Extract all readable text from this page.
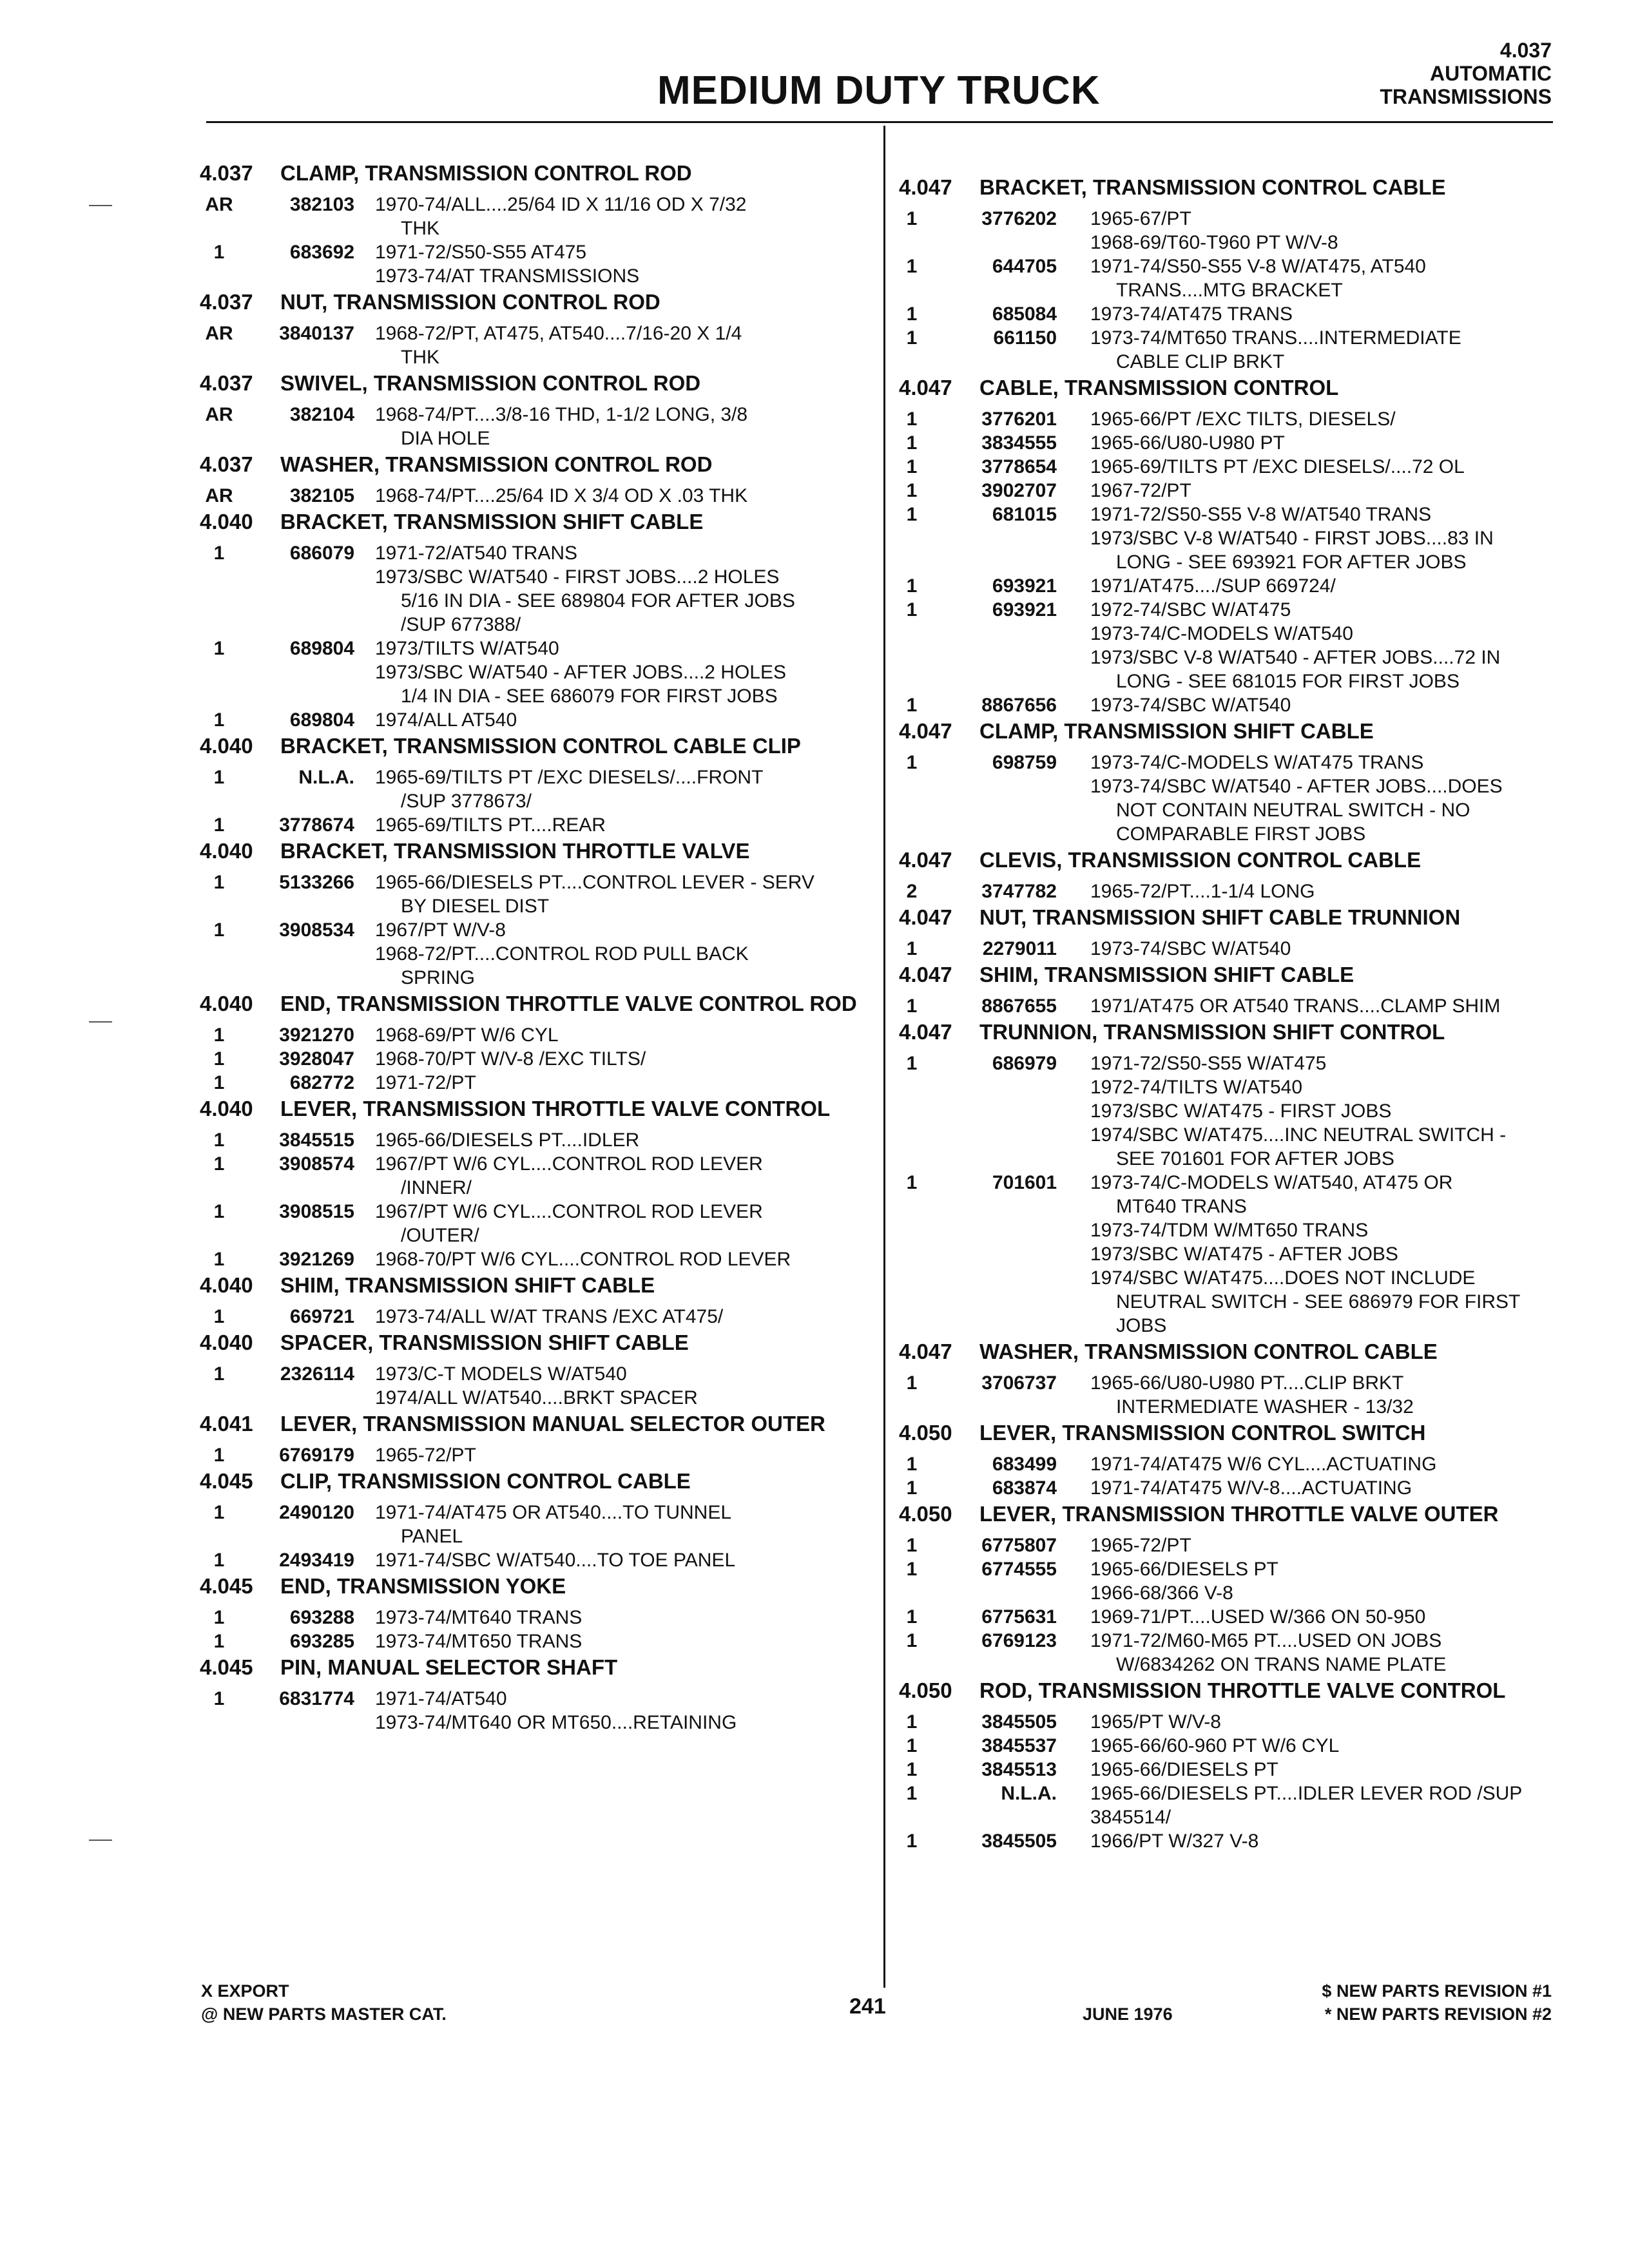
MEDIUM DUTY TRUCK
4.037
AUTOMATIC
TRANSMISSIONS
4.037	CLAMP, TRANSMISSION CONTROL ROD
AR	382103	1970-74/ALL....25/64 ID X 11/16 OD X 7/32
THK
1	683692	1971-72/S50-S55 AT475
1973-74/AT TRANSMISSIONS
4.037	NUT, TRANSMISSION CONTROL ROD
AR	3840137	1968-72/PT, AT475, AT540....7/16-20 X 1/4
THK
4.037	SWIVEL, TRANSMISSION CONTROL ROD
AR	382104	1968-74/PT....3/8-16 THD, 1-1/2 LONG, 3/8
DIA HOLE
4.037	WASHER, TRANSMISSION CONTROL ROD
AR	382105	1968-74/PT....25/64 ID X 3/4 OD X .03 THK
4.040	BRACKET, TRANSMISSION SHIFT CABLE
1	686079	1971-72/AT540 TRANS
1973/SBC W/AT540 - FIRST JOBS....2 HOLES
5/16 IN DIA - SEE 689804 FOR AFTER JOBS
/SUP 677388/
1	689804	1973/TILTS W/AT540
1973/SBC W/AT540 - AFTER JOBS....2 HOLES
1/4 IN DIA - SEE 686079 FOR FIRST JOBS
1	689804	1974/ALL AT540
4.040	BRACKET, TRANSMISSION CONTROL CABLE CLIP
1	N.L.A.	1965-69/TILTS PT /EXC DIESELS/....FRONT
/SUP 3778673/
1	3778674	1965-69/TILTS PT....REAR
4.040	BRACKET, TRANSMISSION THROTTLE VALVE
1	5133266	1965-66/DIESELS PT....CONTROL LEVER - SERV
BY DIESEL DIST
1	3908534	1967/PT W/V-8
1968-72/PT....CONTROL ROD PULL BACK
SPRING
4.040	END, TRANSMISSION THROTTLE VALVE CONTROL ROD
1	3921270	1968-69/PT W/6 CYL
1	3928047	1968-70/PT W/V-8 /EXC TILTS/
1	682772	1971-72/PT
4.040	LEVER, TRANSMISSION THROTTLE VALVE CONTROL
1	3845515	1965-66/DIESELS PT....IDLER
1	3908574	1967/PT W/6 CYL....CONTROL ROD LEVER
/INNER/
1	3908515	1967/PT W/6 CYL....CONTROL ROD LEVER
/OUTER/
1	3921269	1968-70/PT W/6 CYL....CONTROL ROD LEVER
4.040	SHIM, TRANSMISSION SHIFT CABLE
1	669721	1973-74/ALL W/AT TRANS /EXC AT475/
4.040	SPACER, TRANSMISSION SHIFT CABLE
1	2326114	1973/C-T MODELS W/AT540
1974/ALL W/AT540....BRKT SPACER
4.041	LEVER, TRANSMISSION MANUAL SELECTOR OUTER
1	6769179	1965-72/PT
4.045	CLIP, TRANSMISSION CONTROL CABLE
1	2490120	1971-74/AT475 OR AT540....TO TUNNEL
PANEL
1	2493419	1971-74/SBC W/AT540....TO TOE PANEL
4.045	END, TRANSMISSION YOKE
1	693288	1973-74/MT640 TRANS
1	693285	1973-74/MT650 TRANS
4.045	PIN, MANUAL SELECTOR SHAFT
1	6831774	1971-74/AT540
1973-74/MT640 OR MT650....RETAINING
4.047	BRACKET, TRANSMISSION CONTROL CABLE
1	3776202	1965-67/PT
1968-69/T60-T960 PT W/V-8
1	644705	1971-74/S50-S55 V-8 W/AT475, AT540
TRANS....MTG BRACKET
1	685084	1973-74/AT475 TRANS
1	661150	1973-74/MT650 TRANS....INTERMEDIATE
CABLE CLIP BRKT
4.047	CABLE, TRANSMISSION CONTROL
1	3776201	1965-66/PT /EXC TILTS, DIESELS/
1	3834555	1965-66/U80-U980 PT
1	3778654	1965-69/TILTS PT /EXC DIESELS/....72 OL
1	3902707	1967-72/PT
1	681015	1971-72/S50-S55 V-8 W/AT540 TRANS
1973/SBC V-8 W/AT540 - FIRST JOBS....83 IN
LONG - SEE 693921 FOR AFTER JOBS
1	693921	1971/AT475..../SUP 669724/
1	693921	1972-74/SBC W/AT475
1973-74/C-MODELS W/AT540
1973/SBC V-8 W/AT540 - AFTER JOBS....72 IN
LONG - SEE 681015 FOR FIRST JOBS
1	8867656	1973-74/SBC W/AT540
4.047	CLAMP, TRANSMISSION SHIFT CABLE
1	698759	1973-74/C-MODELS W/AT475 TRANS
1973-74/SBC W/AT540 - AFTER JOBS....DOES
NOT CONTAIN NEUTRAL SWITCH - NO
COMPARABLE FIRST JOBS
4.047	CLEVIS, TRANSMISSION CONTROL CABLE
2	3747782	1965-72/PT....1-1/4 LONG
4.047	NUT, TRANSMISSION SHIFT CABLE TRUNNION
1	2279011	1973-74/SBC W/AT540
4.047	SHIM, TRANSMISSION SHIFT CABLE
1	8867655	1971/AT475 OR AT540 TRANS....CLAMP SHIM
4.047	TRUNNION, TRANSMISSION SHIFT CONTROL
1	686979	1971-72/S50-S55 W/AT475
1972-74/TILTS W/AT540
1973/SBC W/AT475 - FIRST JOBS
1974/SBC W/AT475....INC NEUTRAL SWITCH -
SEE 701601 FOR AFTER JOBS
1	701601	1973-74/C-MODELS W/AT540, AT475 OR
MT640 TRANS
1973-74/TDM W/MT650 TRANS
1973/SBC W/AT475 - AFTER JOBS
1974/SBC W/AT475....DOES NOT INCLUDE
NEUTRAL SWITCH - SEE 686979 FOR FIRST
JOBS
4.047	WASHER, TRANSMISSION CONTROL CABLE
1	3706737	1965-66/U80-U980 PT....CLIP BRKT
INTERMEDIATE WASHER - 13/32
4.050	LEVER, TRANSMISSION CONTROL SWITCH
1	683499	1971-74/AT475 W/6 CYL....ACTUATING
1	683874	1971-74/AT475 W/V-8....ACTUATING
4.050	LEVER, TRANSMISSION THROTTLE VALVE OUTER
1	6775807	1965-72/PT
1	6774555	1965-66/DIESELS PT
1966-68/366 V-8
1	6775631	1969-71/PT....USED W/366 ON 50-950
1	6769123	1971-72/M60-M65 PT....USED ON JOBS
W/6834262 ON TRANS NAME PLATE
4.050	ROD, TRANSMISSION THROTTLE VALVE CONTROL
1	3845505	1965/PT W/V-8
1	3845537	1965-66/60-960 PT W/6 CYL
1	3845513	1965-66/DIESELS PT
1	N.L.A.	1965-66/DIESELS PT....IDLER LEVER ROD /SUP
3845514/
1	3845505	1966/PT W/327 V-8
X EXPORT
@ NEW PARTS MASTER CAT.	241	JUNE 1976
$ NEW PARTS REVISION #1
* NEW PARTS REVISION #2
